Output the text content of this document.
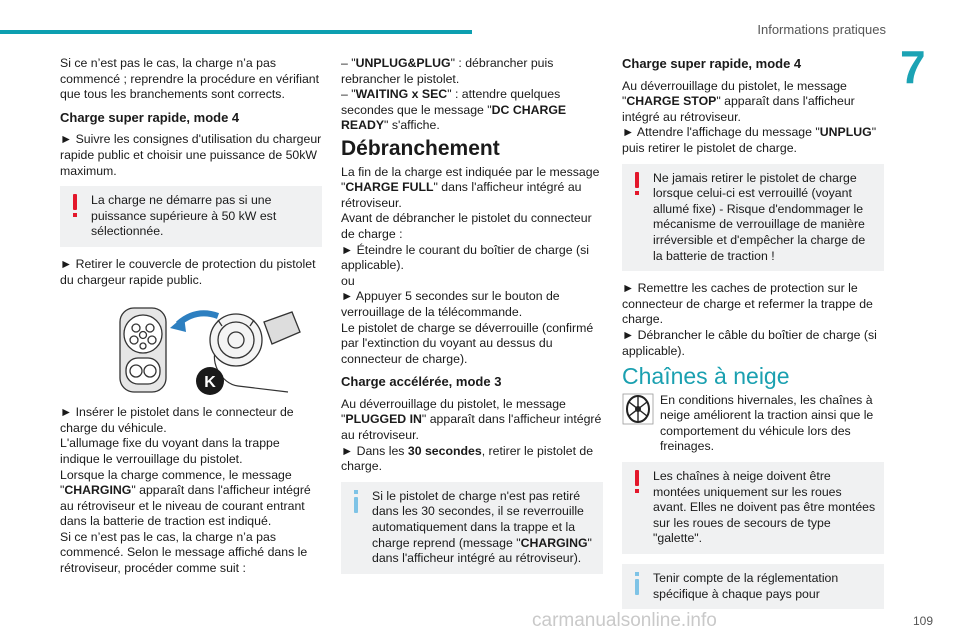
Informations pratiques
7

Si ce n’est pas le cas, la charge n’a pas commencé ; reprendre la procédure en vérifiant que tous les branchements sont corrects.

Charge super rapide, mode 4

► Suivre les consignes d'utilisation du chargeur rapide public et choisir une puissance de 50kW maximum.

La charge ne démarre pas si une puissance supérieure à 50 kW est sélectionnée.

► Retirer le couvercle de protection du pistolet du chargeur rapide public.

K

► Insérer le pistolet dans le connecteur de charge du véhicule.
L'allumage fixe du voyant dans la trappe indique le verrouillage du pistolet.
Lorsque la charge commence, le message "CHARGING" apparaît dans l'afficheur intégré au rétroviseur et le niveau de courant entrant dans la batterie de traction est indiqué.
Si ce n’est pas le cas, la charge n’a pas commencé. Selon le message affiché dans le rétroviseur, procéder comme suit :

– "UNPLUG&PLUG" : débrancher puis rebrancher le pistolet.
– "WAITING x SEC" : attendre quelques secondes que le message "DC CHARGE READY" s'affiche.

Débranchement

La fin de la charge est indiquée par le message "CHARGE FULL" dans l'afficheur intégré au rétroviseur.
Avant de débrancher le pistolet du connecteur de charge :
► Éteindre le courant du boîtier de charge (si applicable).
ou
► Appuyer 5 secondes sur le bouton de verrouillage de la télécommande.
Le pistolet de charge se déverrouille (confirmé par l'extinction du voyant au dessus du connecteur de charge).

Charge accélérée, mode 3

Au déverrouillage du pistolet, le message "PLUGGED IN" apparaît dans l'afficheur intégré au rétroviseur.
► Dans les 30 secondes, retirer le pistolet de charge.

Si le pistolet de charge n'est pas retiré dans les 30 secondes, il se reverrouille automatiquement dans la trappe et la charge reprend (message "CHARGING" dans l'afficheur intégré au rétroviseur).
Charge super rapide, mode 4

Au déverrouillage du pistolet, le message "CHARGE STOP" apparaît dans l'afficheur intégré au rétroviseur.
► Attendre l'affichage du message "UNPLUG" puis retirer le pistolet de charge.

Ne jamais retirer le pistolet de charge lorsque celui-ci est verrouillé (voyant allumé fixe) - Risque d'endommager le mécanisme de verrouillage de manière irréversible et d'empêcher la charge de la batterie de traction !

► Remettre les caches de protection sur le connecteur de charge et refermer la trappe de charge.
► Débrancher le câble du boîtier de charge (si applicable).

Chaînes à neige

En conditions hivernales, les chaînes à neige améliorent la traction ainsi que le comportement du véhicule lors des freinages.

Les chaînes à neige doivent être montées uniquement sur les roues avant. Elles ne doivent pas être montées sur les roues de secours de type "galette".
Tenir compte de la réglementation spécifique à chaque pays pour
carmanualsonline.info	109
